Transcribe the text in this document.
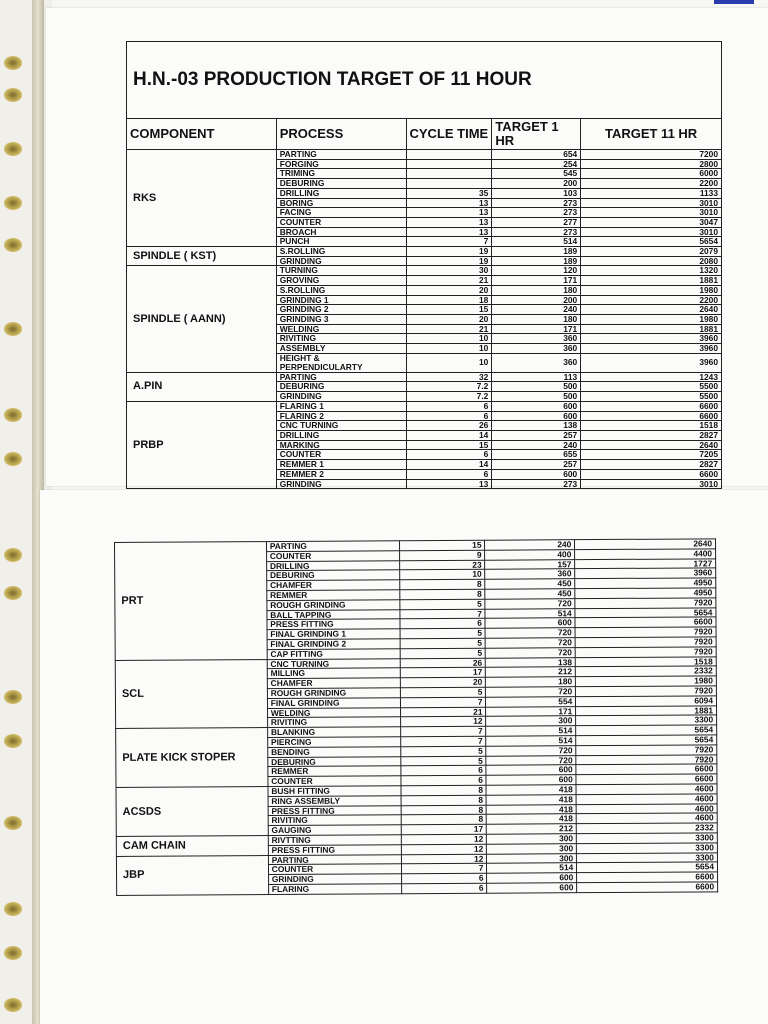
H.N.-03 PRODUCTION TARGET OF 11 HOUR				
COMPONENT	PROCESS	CYCLE TIME	TARGET 1 HR	TARGET 11 HR
RKS	PARTING		654	7200
	FORGING		254	2800
	TRIMING		545	6000
	DEBURING		200	2200
	DRILLING	35	103	1133
	BORING	13	273	3010
	FACING	13	273	3010
	COUNTER	13	277	3047
	BROACH	13	273	3010
	PUNCH	7	514	5654
SPINDLE ( KST)	S.ROLLING	19	189	2079
	GRINDING	19	189	2080
SPINDLE ( AANN)	TURNING	30	120	1320
	GROVING	21	171	1881
	S.ROLLING	20	180	1980
	GRINDING 1	18	200	2200
	GRINDING 2	15	240	2640
	GRINDING 3	20	180	1980
	WELDING	21	171	1881
	RIVITING	10	360	3960
	ASSEMBLY	10	360	3960
	HEIGHT & PERPENDICULARTY	10	360	3960
A.PIN	PARTING	32	113	1243
	DEBURING	7.2	500	5500
	GRINDING	7.2	500	5500
PRBP	FLARING 1	6	600	6600
	FLARING 2	6	600	6600
	CNC TURNING	26	138	1518
	DRILLING	14	257	2827
	MARKING	15	240	2640
	COUNTER	6	655	7205
	REMMER 1	14	257	2827
	REMMER 2	6	600	6600
	GRINDING	13	273	3010
PRT	PARTING	15	240	2640
	COUNTER	9	400	4400
	DRILLING	23	157	1727
	DEBURING	10	360	3960
	CHAMFER	8	450	4950
	REMMER	8	450	4950
	ROUGH GRINDING	5	720	7920
	BALL TAPPING	7	514	5654
	PRESS FITTING	6	600	6600
	FINAL GRINDING 1	5	720	7920
	FINAL GRINDING 2	5	720	7920
	CAP FITTING	5	720	7920
SCL	CNC TURNING	26	138	1518
	MILLING	17	212	2332
	CHAMFER	20	180	1980
	ROUGH GRINDING	5	720	7920
	FINAL GRINDING	7	554	6094
	WELDING	21	171	1881
	RIVITING	12	300	3300
PLATE KICK STOPER	BLANKING	7	514	5654
	PIERCING	7	514	5654
	BENDING	5	720	7920
	DEBURING	5	720	7920
	REMMER	6	600	6600
	COUNTER	6	600	6600
ACSDS	BUSH FITTING	8	418	4600
	RING ASSEMBLY	8	418	4600
	PRESS FITTING	8	418	4600
	RIVITING	8	418	4600
	GAUGING	17	212	2332
CAM CHAIN	RIVTTING	12	300	3300
	PRESS FITTING	12	300	3300
JBP	PARTING	12	300	3300
	COUNTER	7	514	5654
	GRINDING	6	600	6600
	FLARING	6	600	6600
